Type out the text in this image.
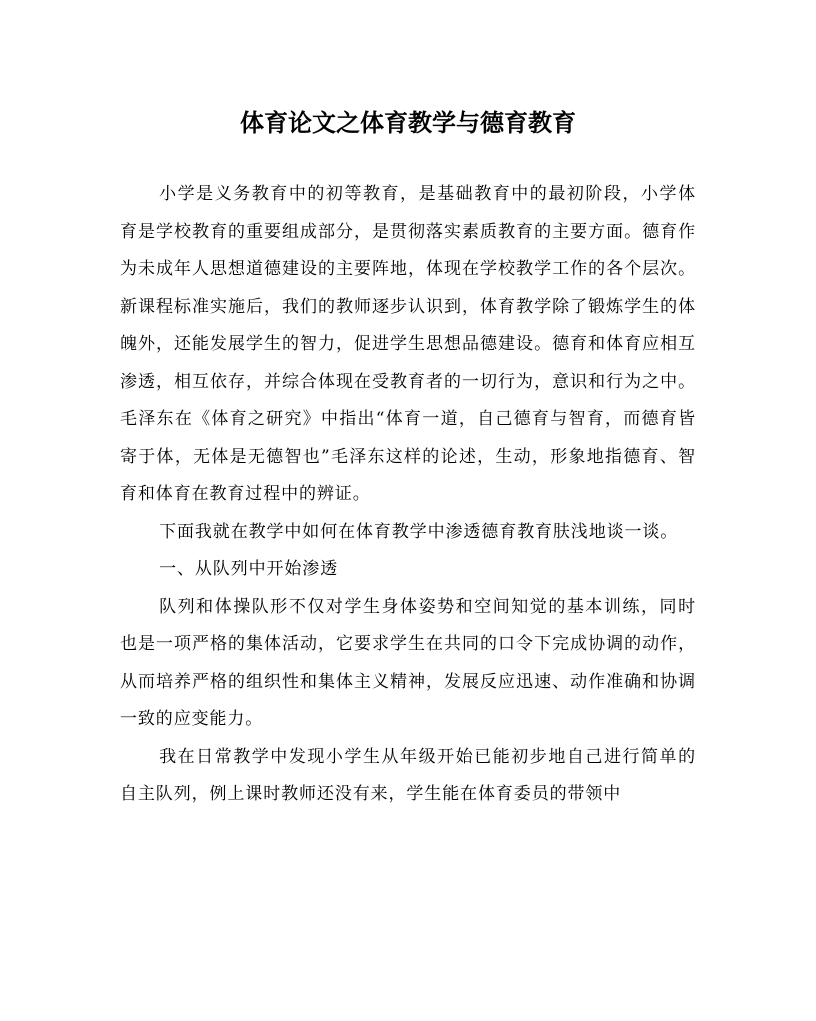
体育论文之体育教学与德育教育

小学是义务教育中的初等教育，是基础教育中的最初阶段，小学体育是学校教育的重要组成部分，是贯彻落实素质教育的主要方面。德育作为未成年人思想道德建设的主要阵地，体现在学校教学工作的各个层次。新课程标准实施后，我们的教师逐步认识到，体育教学除了锻炼学生的体魄外，还能发展学生的智力，促进学生思想品德建设。德育和体育应相互渗透，相互依存，并综合体现在受教育者的一切行为，意识和行为之中。毛泽东在《体育之研究》中指出“体育一道，自己德育与智育，而德育皆寄于体，无体是无德智也”毛泽东这样的论述，生动，形象地指德育、智育和体育在教育过程中的辨证。

下面我就在教学中如何在体育教学中渗透德育教育肤浅地谈一谈。

一、从队列中开始渗透

队列和体操队形不仅对学生身体姿势和空间知觉的基本训练，同时也是一项严格的集体活动，它要求学生在共同的口令下完成协调的动作，从而培养严格的组织性和集体主义精神，发展反应迅速、动作准确和协调一致的应变能力。

我在日常教学中发现小学生从年级开始已能初步地自己进行简单的自主队列，例上课时教师还没有来，学生能在体育委员的带领中
